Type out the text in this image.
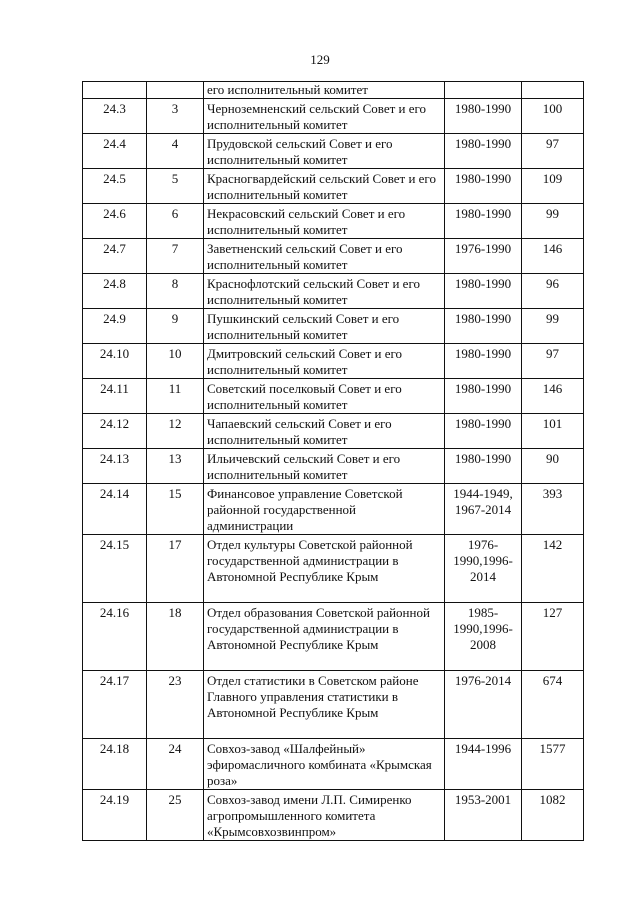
129
		его исполнительный комитет		
24.3	3	Черноземненский сельский Совет и его исполнительный комитет	1980-1990	100
24.4	4	Прудовской сельский Совет и его исполнительный комитет	1980-1990	97
24.5	5	Красногвардейский сельский Совет и его исполнительный комитет	1980-1990	109
24.6	6	Некрасовский сельский Совет и его исполнительный комитет	1980-1990	99
24.7	7	Заветненский сельский Совет и его исполнительный комитет	1976-1990	146
24.8	8	Краснофлотский сельский Совет и его исполнительный комитет	1980-1990	96
24.9	9	Пушкинский сельский Совет и его исполнительный комитет	1980-1990	99
24.10	10	Дмитровский сельский Совет и его исполнительный комитет	1980-1990	97
24.11	11	Советский поселковый Совет и его исполнительный комитет	1980-1990	146
24.12	12	Чапаевский сельский Совет и его исполнительный комитет	1980-1990	101
24.13	13	Ильичевский сельский Совет и его исполнительный комитет	1980-1990	90
24.14	15	Финансовое управление Советской районной государственной администрации	1944-1949, 1967-2014	393
24.15	17	Отдел культуры Советской районной государственной администрации в Автономной Республике Крым	1976-1990,1996-2014	142
24.16	18	Отдел образования Советской районной государственной администрации в Автономной Республике Крым	1985-1990,1996-2008	127
24.17	23	Отдел статистики в Советском районе Главного управления статистики в Автономной Республике Крым	1976-2014	674
24.18	24	Совхоз-завод «Шалфейный» эфиромасличного комбината «Крымская роза»	1944-1996	1577
24.19	25	Совхоз-завод имени Л.П. Симиренко агропромышленного комитета «Крымсовхозвинпром»	1953-2001	1082
